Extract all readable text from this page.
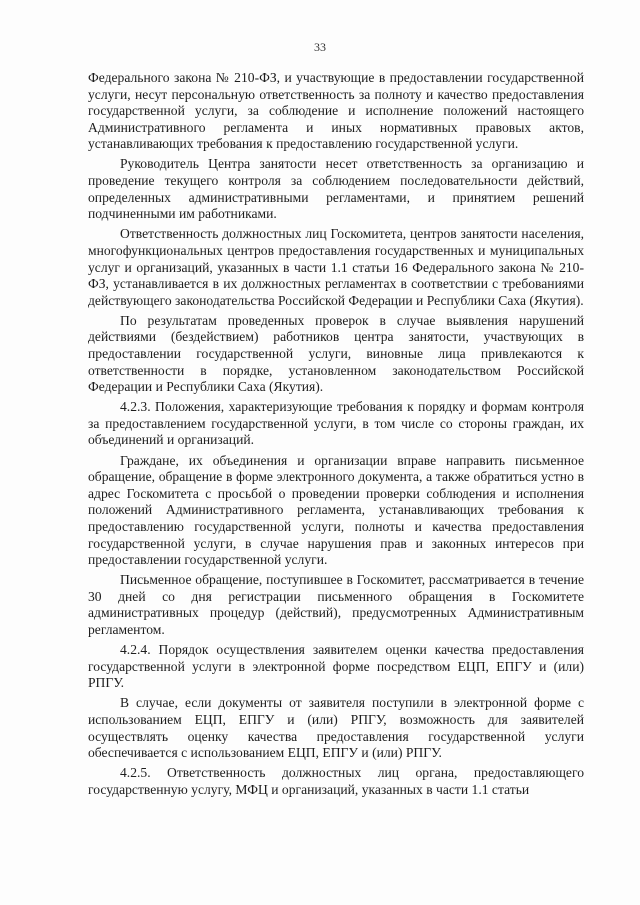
33

Федерального закона № 210-ФЗ, и участвующие в предоставлении государственной услуги, несут персональную ответственность за полноту и качество предоставления государственной услуги, за соблюдение и исполнение положений настоящего Административного регламента и иных нормативных правовых актов, устанавливающих требования к предоставлению государственной услуги.

Руководитель Центра занятости несет ответственность за организацию и проведение текущего контроля за соблюдением последовательности действий, определенных административными регламентами, и принятием решений подчиненными им работниками.

Ответственность должностных лиц Госкомитета, центров занятости населения, многофункциональных центров предоставления государственных и муниципальных услуг и организаций, указанных в части 1.1 статьи 16 Федерального закона № 210-ФЗ, устанавливается в их должностных регламентах в соответствии с требованиями действующего законодательства Российской Федерации и Республики Саха (Якутия).

По результатам проведенных проверок в случае выявления нарушений действиями (бездействием) работников центра занятости, участвующих в предоставлении государственной услуги, виновные лица привлекаются к ответственности в порядке, установленном законодательством Российской Федерации и Республики Саха (Якутия).

4.2.3. Положения, характеризующие требования к порядку и формам контроля за предоставлением государственной услуги, в том числе со стороны граждан, их объединений и организаций.

Граждане, их объединения и организации вправе направить письменное обращение, обращение в форме электронного документа, а также обратиться устно в адрес Госкомитета с просьбой о проведении проверки соблюдения и исполнения положений Административного регламента, устанавливающих требования к предоставлению государственной услуги, полноты и качества предоставления государственной услуги, в случае нарушения прав и законных интересов при предоставлении государственной услуги.

Письменное обращение, поступившее в Госкомитет, рассматривается в течение 30 дней со дня регистрации письменного обращения в Госкомитете административных процедур (действий), предусмотренных Административным регламентом.

4.2.4. Порядок осуществления заявителем оценки качества предоставления государственной услуги в электронной форме посредством ЕЦП, ЕПГУ и (или) РПГУ.

В случае, если документы от заявителя поступили в электронной форме с использованием ЕЦП, ЕПГУ и (или) РПГУ, возможность для заявителей осуществлять оценку качества предоставления государственной услуги обеспечивается с использованием ЕЦП, ЕПГУ и (или) РПГУ.

4.2.5. Ответственность должностных лиц органа, предоставляющего государственную услугу, МФЦ и организаций, указанных в части 1.1 статьи
